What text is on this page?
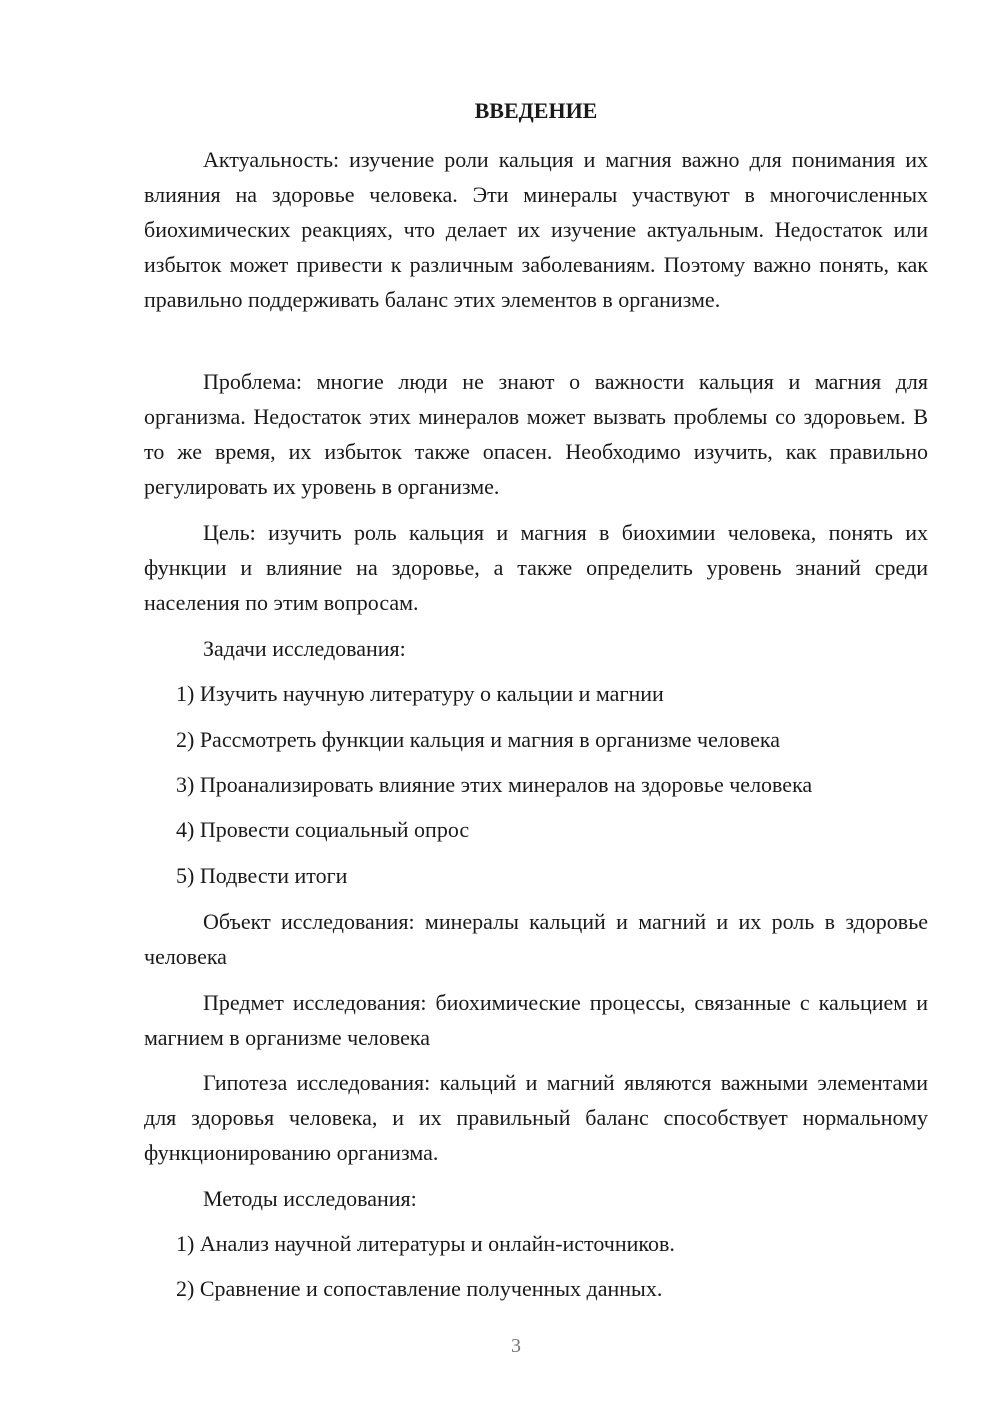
ВВЕДЕНИЕ

Актуальность: изучение роли кальция и магния важно для понимания их влияния на здоровье человека. Эти минералы участвуют в многочисленных биохимических реакциях, что делает их изучение актуальным. Недостаток или избыток может привести к различным заболеваниям. Поэтому важно понять, как правильно поддерживать баланс этих элементов в организме.

Проблема: многие люди не знают о важности кальция и магния для организма. Недостаток этих минералов может вызвать проблемы со здоровьем. В то же время, их избыток также опасен. Необходимо изучить, как правильно регулировать их уровень в организме.

Цель: изучить роль кальция и магния в биохимии человека, понять их функции и влияние на здоровье, а также определить уровень знаний среди населения по этим вопросам.

Задачи исследования:

1) Изучить научную литературу о кальции и магнии

2) Рассмотреть функции кальция и магния в организме человека

3) Проанализировать влияние этих минералов на здоровье человека

4) Провести социальный опрос

5) Подвести итоги

Объект исследования: минералы кальций и магний и их роль в здоровье человека

Предмет исследования: биохимические процессы, связанные с кальцием и магнием в организме человека

Гипотеза исследования: кальций и магний являются важными элементами для здоровья человека, и их правильный баланс способствует нормальному функционированию организма.

Методы исследования:

1) Анализ научной литературы и онлайн-источников.

2) Сравнение и сопоставление полученных данных.

3
